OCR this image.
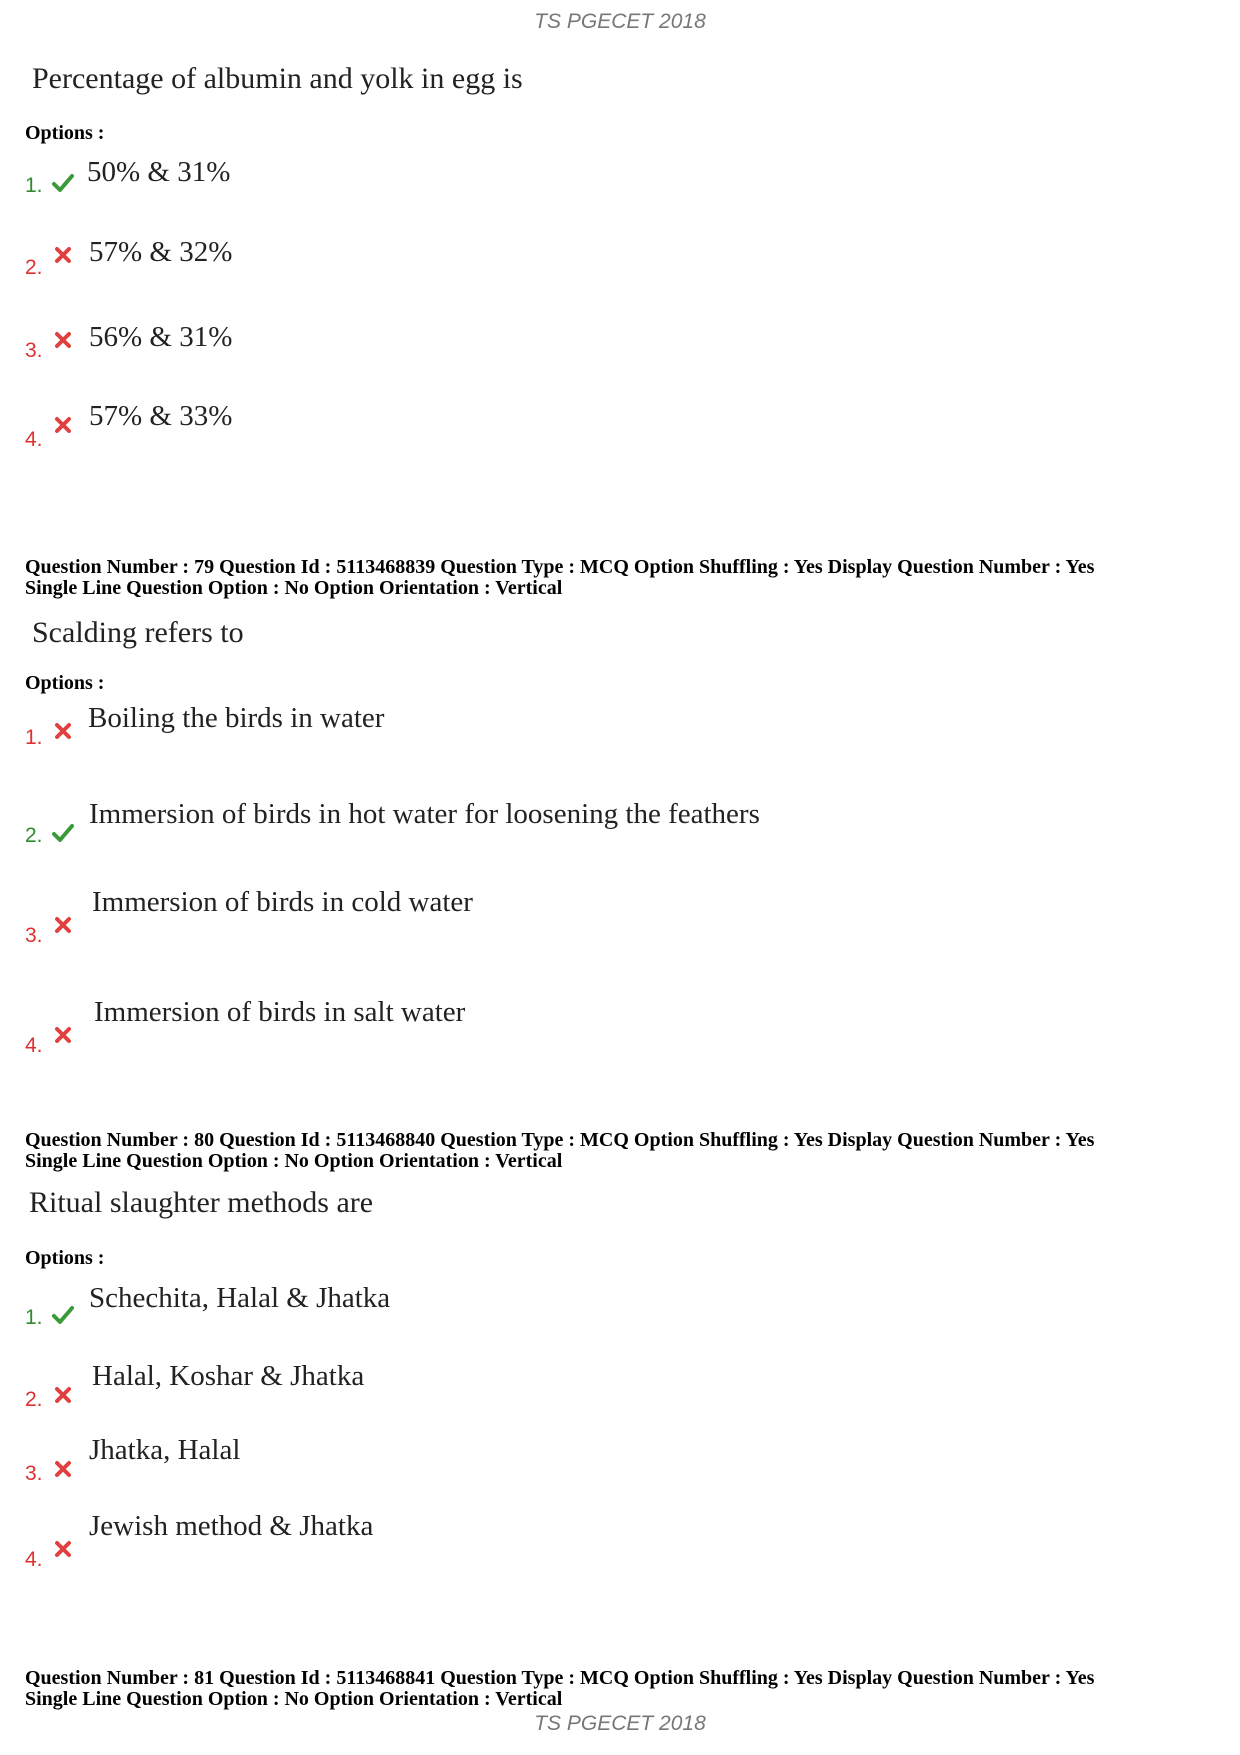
TS PGECET 2018
Percentage of albumin and yolk in egg is
Options :
1. 50% & 31%
2. 57% & 32%
3. 56% & 31%
4.
57% & 33%
Question Number : 79 Question Id : 5113468839 Question Type : MCQ Option Shuffling : Yes Display Question Number : Yes
Single Line Question Option : No Option Orientation : Vertical
Scalding refers to
Options :
1.
Boiling the birds in water
2.
Immersion of birds in hot water for loosening the feathers
3.
Immersion of birds in cold water
4.
Immersion of birds in salt water
Question Number : 80 Question Id : 5113468840 Question Type : MCQ Option Shuffling : Yes Display Question Number : Yes
Single Line Question Option : No Option Orientation : Vertical
Ritual slaughter methods are
Options :
1.
Schechita, Halal & Jhatka
2.
Halal, Koshar & Jhatka
3.
Jhatka, Halal
4.
Jewish method & Jhatka
Question Number : 81 Question Id : 5113468841 Question Type : MCQ Option Shuffling : Yes Display Question Number : Yes
Single Line Question Option : No Option Orientation : Vertical
TS PGECET 2018
